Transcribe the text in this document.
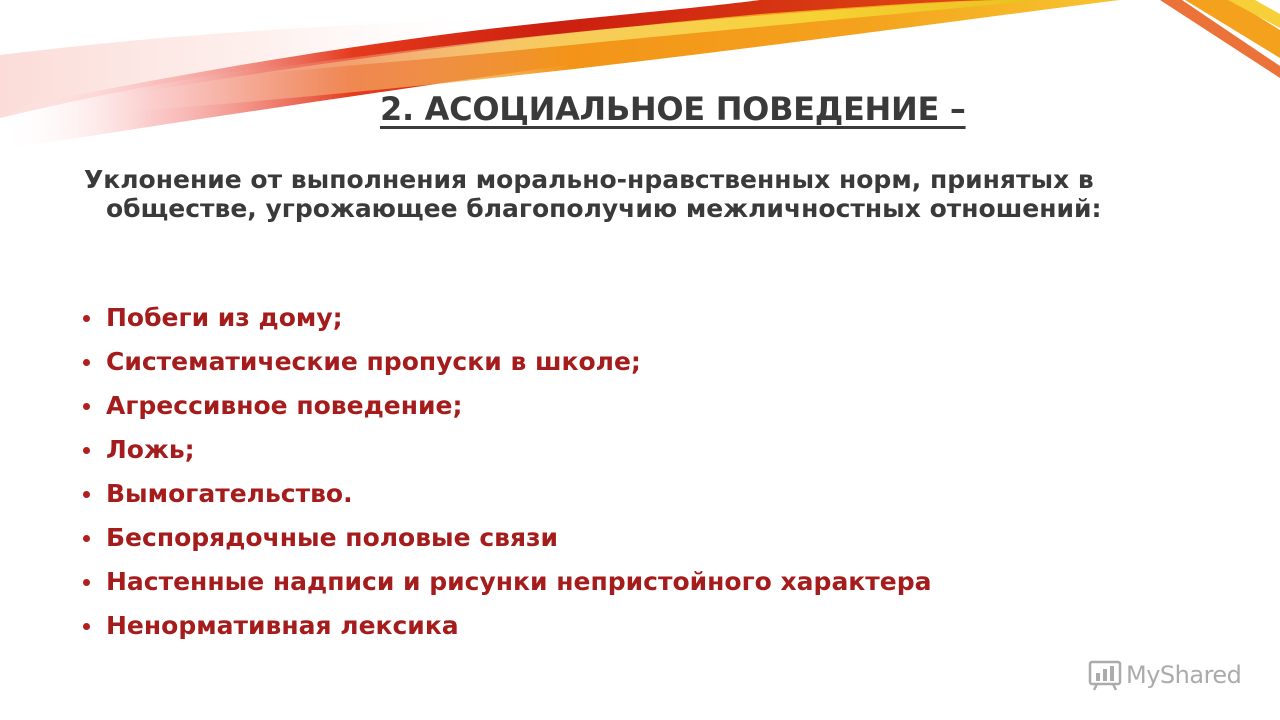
2. АСОЦИАЛЬНОЕ ПОВЕДЕНИЕ –

Уклонение от выполнения морально-нравственных норм, принятых в обществе, угрожающее благополучию межличностных отношений:

Побеги из дому;
Систематические пропуски в школе;
Агрессивное поведение;
Ложь;
Вымогательство.
Беспорядочные половые связи
Настенные надписи и рисунки непристойного характера
Ненормативная лексика
MyShared
